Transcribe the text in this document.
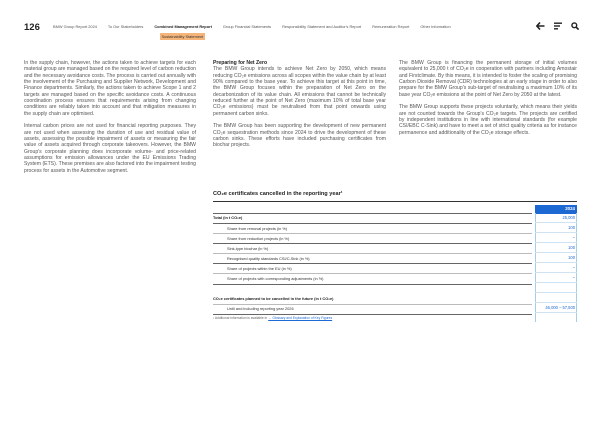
126	BMW Group Report 2024	To Our Stakeholders	Combined Management Report	Group Financial Statements	Responsibility Statement and Auditor's Report	Remuneration Report	Other Information
Sustainability Statement

In the supply chain, however, the actions taken to achieve targets for each material group are managed based on the required level of carbon reduction and the necessary avoidance costs. The process is carried out annually with the involvement of the Purchasing and Supplier Network, Development and Finance departments. Similarly, the actions taken to achieve Scope 1 and 2 targets are managed based on the specific avoidance costs. A continuous coordination process ensures that requirements arising from changing conditions are reliably taken into account and that mitigation measures in the supply chain are optimised.

Internal carbon prices are not used for financial reporting purposes. They are not used when assessing the duration of use and residual value of assets, assessing the possible impairment of assets or measuring the fair value of assets acquired through corporate takeovers. However, the BMW Group's corporate planning does incorporate volume- and price-related assumptions for emission allowances under the EU Emissions Trading System (ETS). These premises are also factored into the impairment testing process for assets in the Automotive segment.

Preparing for Net Zero

The BMW Group intends to achieve Net Zero by 2050, which means reducing CO₂e emissions across all scopes within the value chain by at least 90% compared to the base year. To achieve this target at this point in time, the BMW Group focuses within the preparation of Net Zero on the decarbonization of its value chain. All emissions that cannot be technically reduced further at the point of Net Zero (maximum 10% of total base year CO₂e emissions) must be neutralised from that point onwards using permanent carbon sinks.

The BMW Group has been supporting the development of new permanent CO₂e sequestration methods since 2024 to drive the development of these carbon sinks. These efforts have included purchasing certificates from biochar projects.

The BMW Group is financing the permanent storage of initial volumes equivalent to 25,000 t of CO₂e in cooperation with partners including Amostair and Firstclimate. By this means, it is intended to foster the scaling of promising Carbon Dioxide Removal (CDR) technologies at an early stage in order to also prepare for the BMW Group's sub-target of neutralising a maximum 10% of its base year CO₂e emissions at the point of Net Zero by 2050 at the latest.

The BMW Group supports these projects voluntarily, which means their yields are not counted towards the Group's CO₂e targets. The projects are certified by independent institutions in line with international standards (for example CSI/EBC C-Sink) and have to meet a set of strict quality criteria as for instance permanence and additionality of the CO₂e storage effects.

CO₂e certificates cancelled in the reporting year¹
2024
Total (in t CO₂e)	25,000
Share from removal projects (in %)	100
Share from reduction projects (in %)	–
Sink-type biochar (in %)	100
Recognised quality standards CSI/C-Sink (in %)	100
Share of projects within the EU (in %)	–
Share of projects with corresponding adjustments (in %)	–
CO₂e certificates planned to be cancelled in the future (in t CO₂e)
Until and including reporting year 2026	46,000 – 57,500
¹ Additional information is available in → Glossary and Explanation of Key Figures
